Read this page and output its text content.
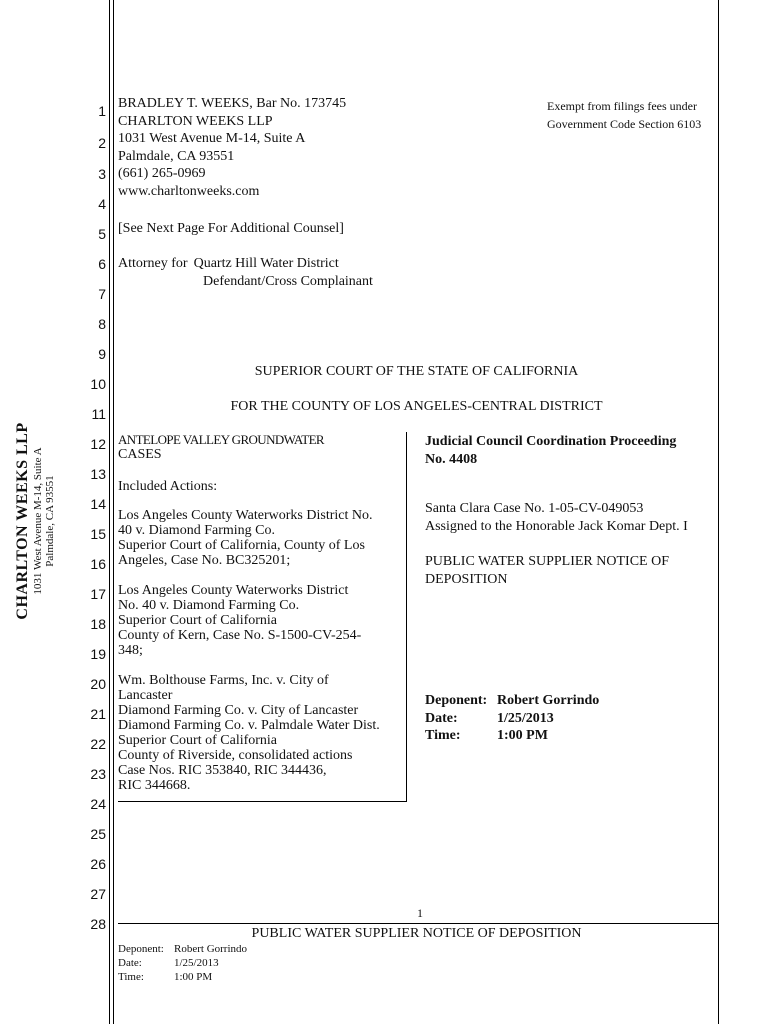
CHARLTON WEEKS LLP 1031 West Avenue M-14, Suite A Palmdale, CA 93551
1
2
3
4
5
6
7
8
9
10
11
12
13
14
15
16
17
18
19
20
21
22
23
24
25
26
27
28
BRADLEY T. WEEKS, Bar No. 173745
CHARLTON WEEKS LLP
1031 West Avenue M-14, Suite A
Palmdale, CA 93551
(661) 265-0969
www.charltonweeks.com
Exempt from filings fees under
Government Code Section 6103
[See Next Page For Additional Counsel]
Attorney for Quartz Hill Water District
Defendant/Cross Complainant
SUPERIOR COURT OF THE STATE OF CALIFORNIA
FOR THE COUNTY OF LOS ANGELES-CENTRAL DISTRICT
ANTELOPE VALLEY GROUNDWATER
CASES
Included Actions:
Los Angeles County Waterworks District No.
40 v. Diamond Farming Co.
Superior Court of California, County of Los
Angeles, Case No. BC325201;
Los Angeles County Waterworks District
No. 40 v. Diamond Farming Co.
Superior Court of California
County of Kern, Case No. S-1500-CV-254-
348;
Wm. Bolthouse Farms, Inc. v. City of
Lancaster
Diamond Farming Co. v. City of Lancaster
Diamond Farming Co. v. Palmdale Water Dist.
Superior Court of California
County of Riverside, consolidated actions
Case Nos. RIC 353840, RIC 344436,
RIC 344668.
Judicial Council Coordination Proceeding
No. 4408
Santa Clara Case No. 1-05-CV-049053
Assigned to the Honorable Jack Komar Dept. I
PUBLIC WATER SUPPLIER NOTICE OF
DEPOSITION
Deponent: Robert Gorrindo
Date:	1/25/2013
Time:	1:00 PM
1
PUBLIC WATER SUPPLIER NOTICE OF DEPOSITION
Deponent: Robert Gorrindo
Date:	1/25/2013
Time:	1:00 PM
